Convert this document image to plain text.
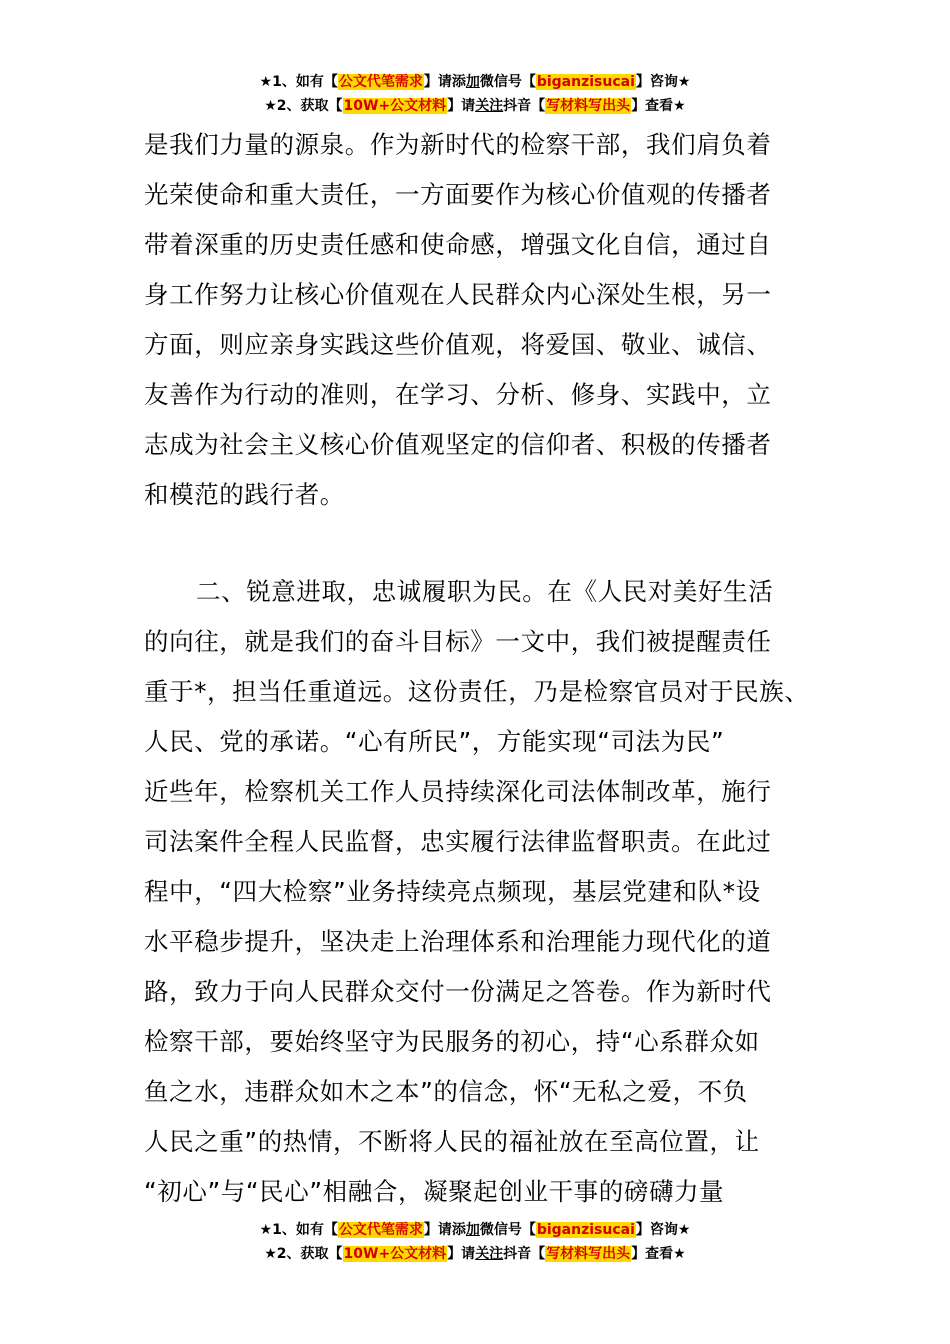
★1、如有【公文代笔需求】请添加微信号【biganzisucai】咨询★
★2、获取【10W+公文材料】请关注抖音【写材料写出头】查看★
是我们力量的源泉。作为新时代的检察干部，我们肩负着
光荣使命和重大责任，一方面要作为核心价值观的传播者
带着深重的历史责任感和使命感，增强文化自信，通过自
身工作努力让核心价值观在人民群众内心深处生根，另一
方面，则应亲身实践这些价值观，将爱国、敬业、诚信、
友善作为行动的准则，在学习、分析、修身、实践中，立
志成为社会主义核心价值观坚定的信仰者、积极的传播者
和模范的践行者。
二、锐意进取，忠诚履职为民。在《人民对美好生活
的向往，就是我们的奋斗目标》一文中，我们被提醒责任
重于*，担当任重道远。这份责任，乃是检察官员对于民族、
人民、党的承诺。“心有所民”，方能实现“司法为民”
近些年，检察机关工作人员持续深化司法体制改革，施行
司法案件全程人民监督，忠实履行法律监督职责。在此过
程中，“四大检察”业务持续亮点频现，基层党建和队*设
水平稳步提升，坚决走上治理体系和治理能力现代化的道
路，致力于向人民群众交付一份满足之答卷。作为新时代
检察干部，要始终坚守为民服务的初心，持“心系群众如
鱼之水，违群众如木之本”的信念，怀“无私之爱，不负
人民之重”的热情，不断将人民的福祉放在至高位置，让
“初心”与“民心”相融合，凝聚起创业干事的磅礴力量
★1、如有【公文代笔需求】请添加微信号【biganzisucai】咨询★
★2、获取【10W+公文材料】请关注抖音【写材料写出头】查看★
